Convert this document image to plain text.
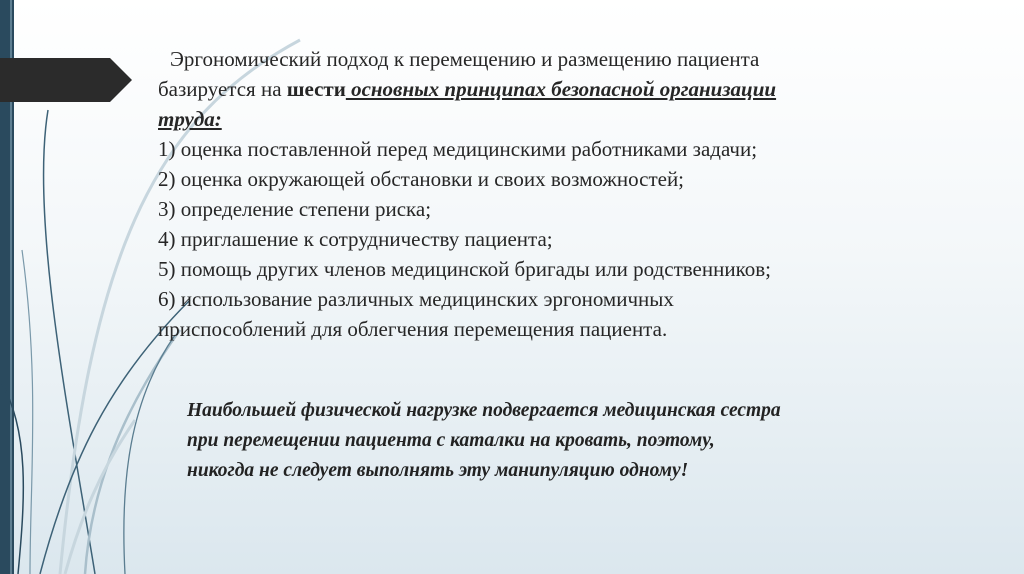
Эргономический подход к перемещению и размещению пациента

базируется на шести основных принципах безопасной организации

труда:

1) оценка поставленной перед медицинскими работниками задачи;

2) оценка окружающей обстановки и своих возможностей;

3) определение степени риска;

4) приглашение к сотрудничеству пациента;

5) помощь других членов медицинской бригады или родственников;

6) использование различных медицинских эргономичных

приспособлений для облегчения перемещения пациента.

Наибольшей физической нагрузке подвергается медицинская сестра

при перемещении пациента с каталки на кровать, поэтому,

никогда не следует выполнять эту манипуляцию одному!
